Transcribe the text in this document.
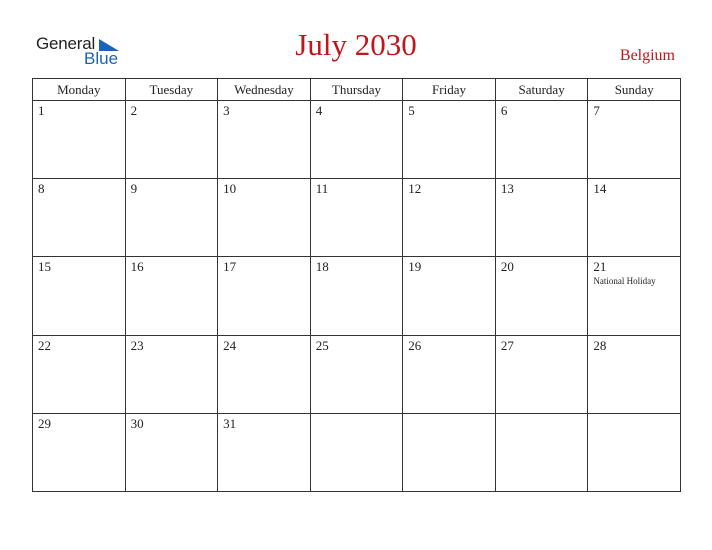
General
Blue	July 2030	Belgium
Monday	Tuesday	Wednesday	Thursday	Friday	Saturday	Sunday

1	2	3	4	5	6	7

8	9	10	11	12	13	14

15	16	17	18	19	20	21
National Holiday

22	23	24	25	26	27	28

29	30	31				
